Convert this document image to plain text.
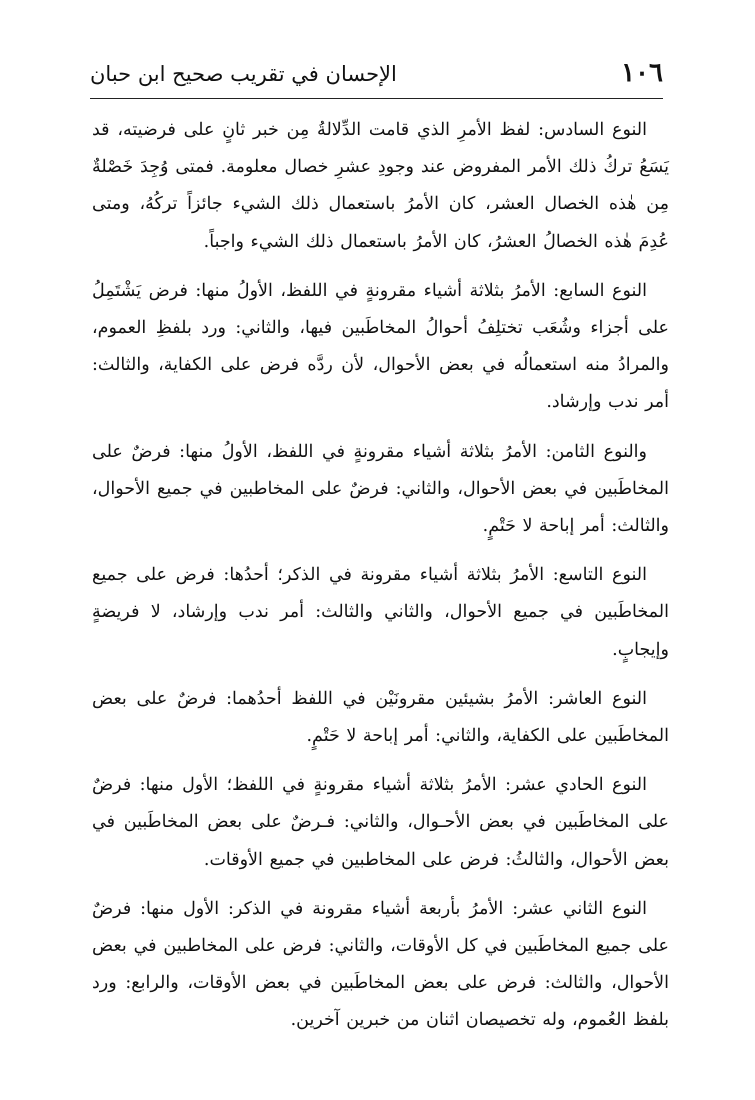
١٠٦
الإحسان في تقريب صحيح ابن حبان

النوع السادس: لفظ الأمرِ الذي قامت الدِّلالةُ مِن خبر ثانٍ على فرضيته، قد يَسَعُ تركُ ذلك الأمر المفروض عند وجودِ عشرِ خصال معلومة. فمتى وُجِدَ خَصْلةٌ مِن هٰذه الخصال العشر، كان الأمرُ باستعمال ذلك الشيء جائزاً تركُهُ، ومتى عُدِمَ هٰذه الخصالُ العشرُ، كان الأمرُ باستعمال ذلك الشيء واجباً.

النوع السابع: الأمرُ بثلاثة أشياء مقرونةٍ في اللفظ، الأولُ منها: فرض يَشْتَمِلُ على أجزاء وشُعَب تختلِفُ أحوالُ المخاطَبين فيها، والثاني: ورد بلفظِ العموم، والمرادُ منه استعمالُه في بعض الأحوال، لأن ردَّه فرض على الكفاية، والثالث: أمر ندب وإرشاد.

والنوع الثامن: الأمرُ بثلاثة أشياء مقرونةٍ في اللفظ، الأولُ منها: فرضٌ على المخاطَبين في بعض الأحوال، والثاني: فرضٌ على المخاطبين في جميع الأحوال، والثالث: أمر إباحة لا حَتْمٍ.

النوع التاسع: الأمرُ بثلاثة أشياء مقرونة في الذكر؛ أحدُها: فرض على جميع المخاطَبين في جميع الأحوال، والثاني والثالث: أمر ندب وإرشاد، لا فريضةٍ وإيجابٍ.

النوع العاشر: الأمرُ بشيئين مقرونَيْن في اللفظ أحدُهما: فرضٌ على بعض المخاطَبين على الكفاية، والثاني: أمر إباحة لا حَتْمٍ.

النوع الحادي عشر: الأمرُ بثلاثة أشياء مقرونةٍ في اللفظ؛ الأول منها: فرضٌ على المخاطَبين في بعض الأحـوال، والثاني: فـرضٌ على بعض المخاطَبين في بعض الأحوال، والثالثُ: فرض على المخاطبين في جميع الأوقات.

النوع الثاني عشر: الأمرُ بأربعة أشياء مقرونة في الذكر: الأول منها: فرضٌ على جميع المخاطَبين في كل الأوقات، والثاني: فرض على المخاطبين في بعض الأحوال، والثالث: فرض على بعض المخاطَبين في بعض الأوقات، والرابع: ورد بلفظ العُموم، وله تخصيصان اثنان من خبرين آخرين.
